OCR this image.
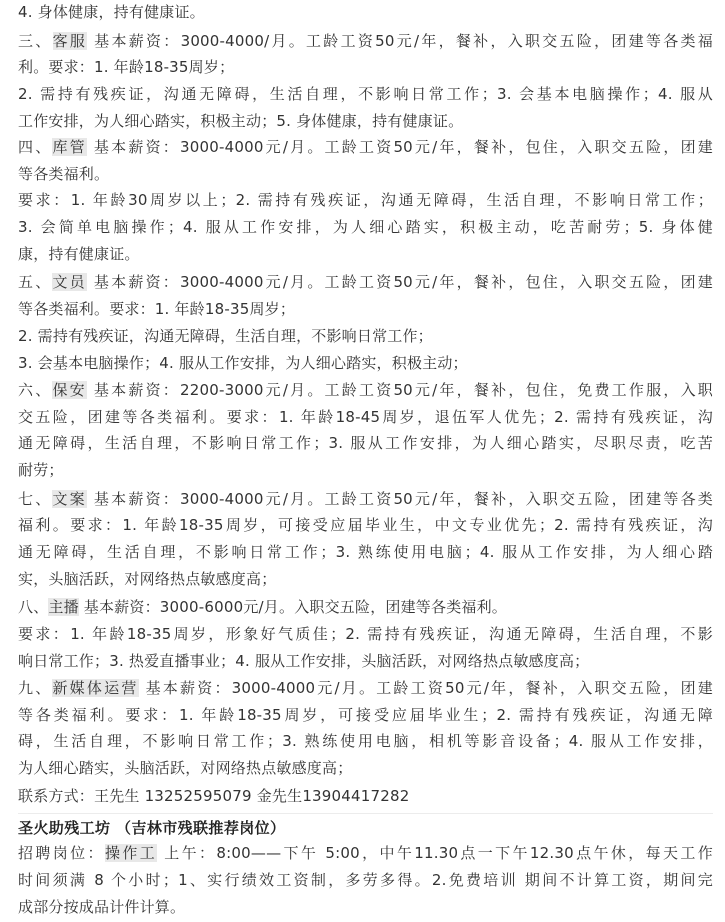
4. 身体健康，持有健康证。
三、客服 基本薪资：3000-4000/月。工龄工资50元/年，餐补，入职交五险，团建等各类福
利。要求：1. 年龄18-35周岁；
2. 需持有残疾证，沟通无障碍，生活自理，不影响日常工作；3. 会基本电脑操作；4. 服从
工作安排，为人细心踏实，积极主动；5. 身体健康，持有健康证。
四、库管 基本薪资：3000-4000元/月。工龄工资50元/年，餐补，包住，入职交五险，团建
等各类福利。
要求：1. 年龄30周岁以上；2. 需持有残疾证，沟通无障碍，生活自理，不影响日常工作；
3. 会简单电脑操作；4. 服从工作安排，为人细心踏实，积极主动，吃苦耐劳；5. 身体健
康，持有健康证。
五、文员 基本薪资：3000-4000元/月。工龄工资50元/年，餐补，包住，入职交五险，团建
等各类福利。要求：1. 年龄18-35周岁；
2. 需持有残疾证，沟通无障碍，生活自理，不影响日常工作；
3. 会基本电脑操作；4. 服从工作安排，为人细心踏实，积极主动；
六、保安 基本薪资：2200-3000元/月。工龄工资50元/年，餐补，包住，免费工作服，入职
交五险，团建等各类福利。要求：1. 年龄18-45周岁，退伍军人优先；2. 需持有残疾证，沟
通无障碍，生活自理，不影响日常工作；3. 服从工作安排，为人细心踏实，尽职尽责，吃苦
耐劳；
七、文案 基本薪资：3000-4000元/月。工龄工资50元/年，餐补，入职交五险，团建等各类
福利。要求：1. 年龄18-35周岁，可接受应届毕业生，中文专业优先；2. 需持有残疾证，沟
通无障碍，生活自理，不影响日常工作；3. 熟练使用电脑；4. 服从工作安排，为人细心踏
实，头脑活跃，对网络热点敏感度高；
八、主播 基本薪资：3000-6000元/月。入职交五险，团建等各类福利。
要求：1. 年龄18-35周岁，形象好气质佳；2. 需持有残疾证，沟通无障碍，生活自理，不影
响日常工作；3. 热爱直播事业；4. 服从工作安排，头脑活跃，对网络热点敏感度高；
九、新媒体运营 基本薪资：3000-4000元/月。工龄工资50元/年，餐补，入职交五险，团建
等各类福利。要求：1. 年龄18-35周岁，可接受应届毕业生；2. 需持有残疾证，沟通无障
碍，生活自理，不影响日常工作；3. 熟练使用电脑，相机等影音设备；4. 服从工作安排，
为人细心踏实，头脑活跃，对网络热点敏感度高；
联系方式：王先生 13252595079 金先生13904417282
圣火助残工坊 （吉林市残联推荐岗位）
招聘岗位：操作工 上午：8:00——下午 5:00，中午11.30点一下午12.30点午休，每天工作
时间须满 8 个小时；1、实行绩效工资制，多劳多得。2.免费培训 期间不计算工资，期间完
成部分按成品计件计算。
